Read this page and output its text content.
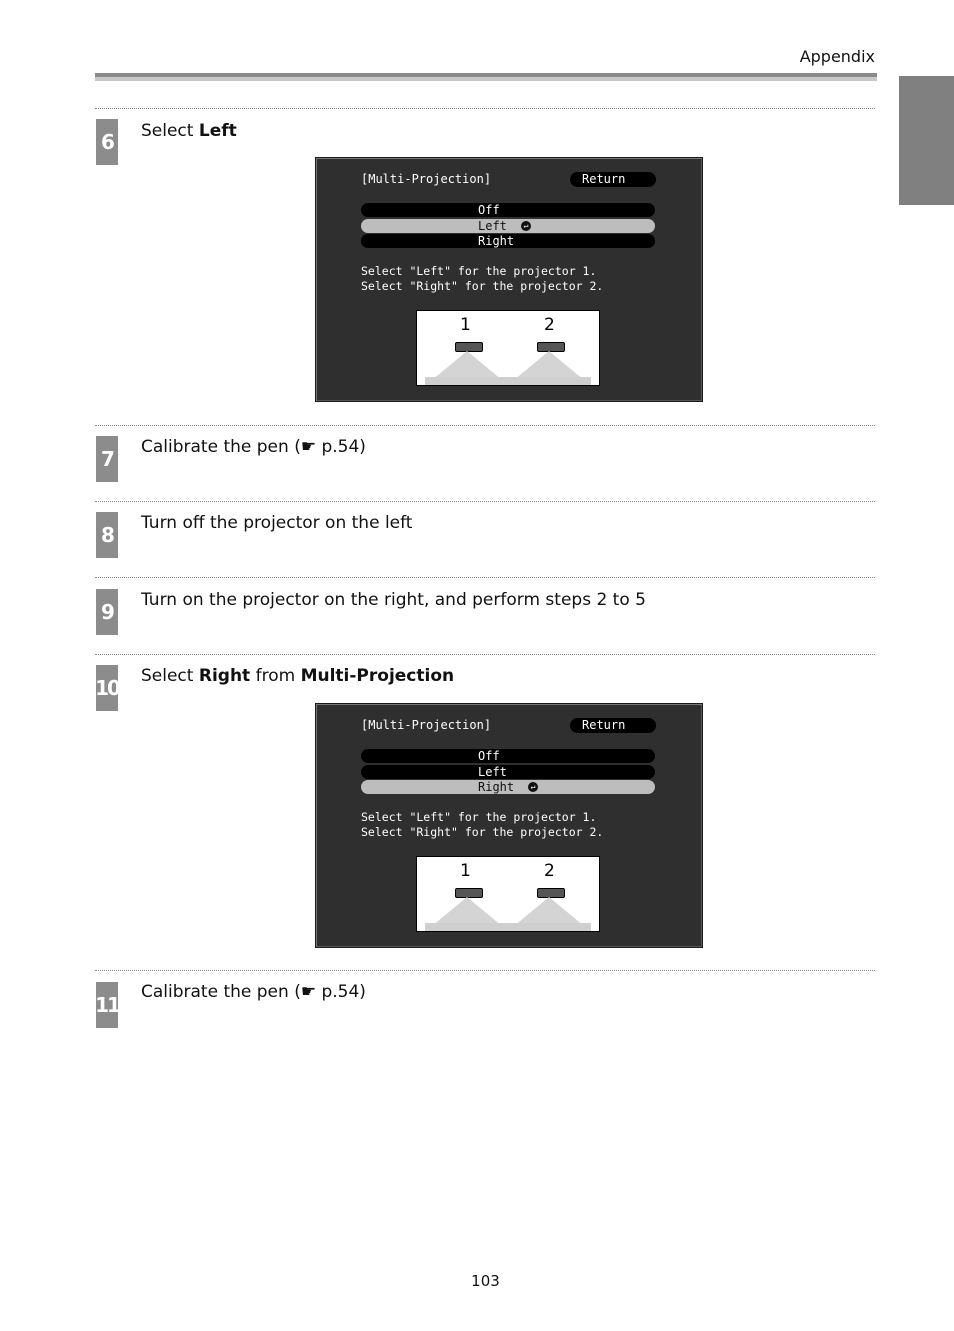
Appendix
6 Select Left
[Multi-Projection]	Return
Off
Left	↵
Right
Select "Left" for the projector 1.
Select "Right" for the projector 2.
1	2
7 Calibrate the pen (☛ p.54)
8 Turn off the projector on the left
9 Turn on the projector on the right, and perform steps 2 to 5
10 Select Right from Multi-Projection
[Multi-Projection]	Return
Off
Left
Right	↵
Select "Left" for the projector 1.
Select "Right" for the projector 2.
1	2
11
Calibrate the pen (☛ p.54)
103
